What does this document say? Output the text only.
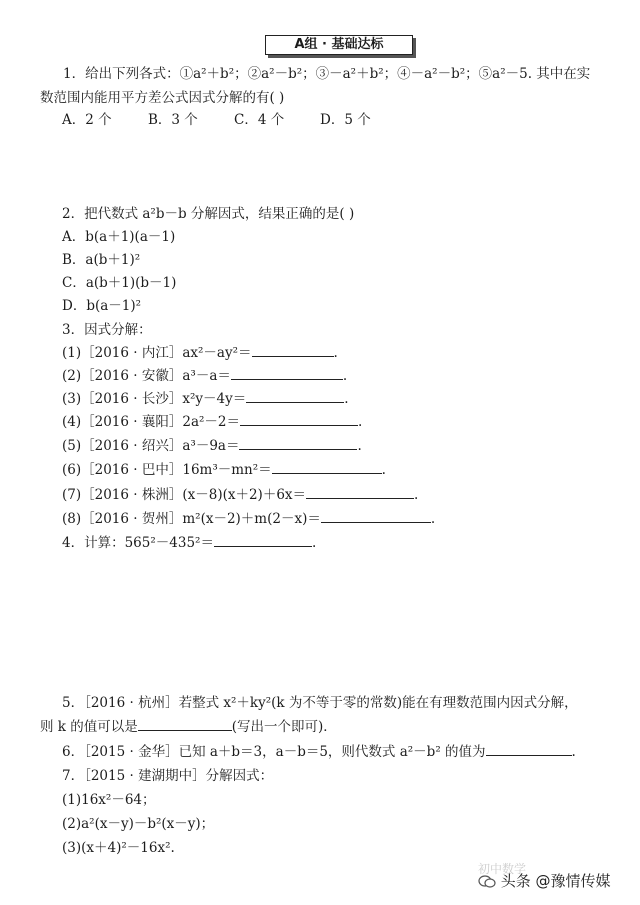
A组 · 基础达标
1．给出下列各式：①a²＋b²；②a²－b²；③－a²＋b²；④－a²－b²；⑤a²－5. 其中在实
数范围内能用平方差公式因式分解的有( )
A．2 个	B．3 个	C．4 个	D．5 个
2．把代数式 a²b－b 分解因式，结果正确的是( )
A．b(a＋1)(a－1)
B．a(b＋1)²
C．a(b＋1)(b－1)
D．b(a－1)²
3．因式分解：
(1)［2016 · 内江］ax²－ay²＝	.
(2)［2016 · 安徽］a³－a＝	.
(3)［2016 · 长沙］x²y－4y＝	.
(4)［2016 · 襄阳］2a²－2＝	.
(5)［2016 · 绍兴］a³－9a＝	.
(6)［2016 · 巴中］16m³－mn²＝	.
(7)［2016 · 株洲］(x－8)(x＋2)＋6x＝	.
(8)［2016 · 贺州］m²(x－2)＋m(2－x)＝	.
4．计算：565²－435²＝	.
5．［2016 · 杭州］若整式 x²＋ky²(k 为不等于零的常数)能在有理数范围内因式分解，
则 k 的值可以是	(写出一个即可)．
6．［2015 · 金华］已知 a＋b＝3，a－b＝5，则代数式 a²－b² 的值为	.
7．［2015 · 建湖期中］分解因式：
(1)16x²－64；
(2)a²(x－y)－b²(x－y)；
(3)(x＋4)²－16x².
初中数学
头条 @豫情传媒
